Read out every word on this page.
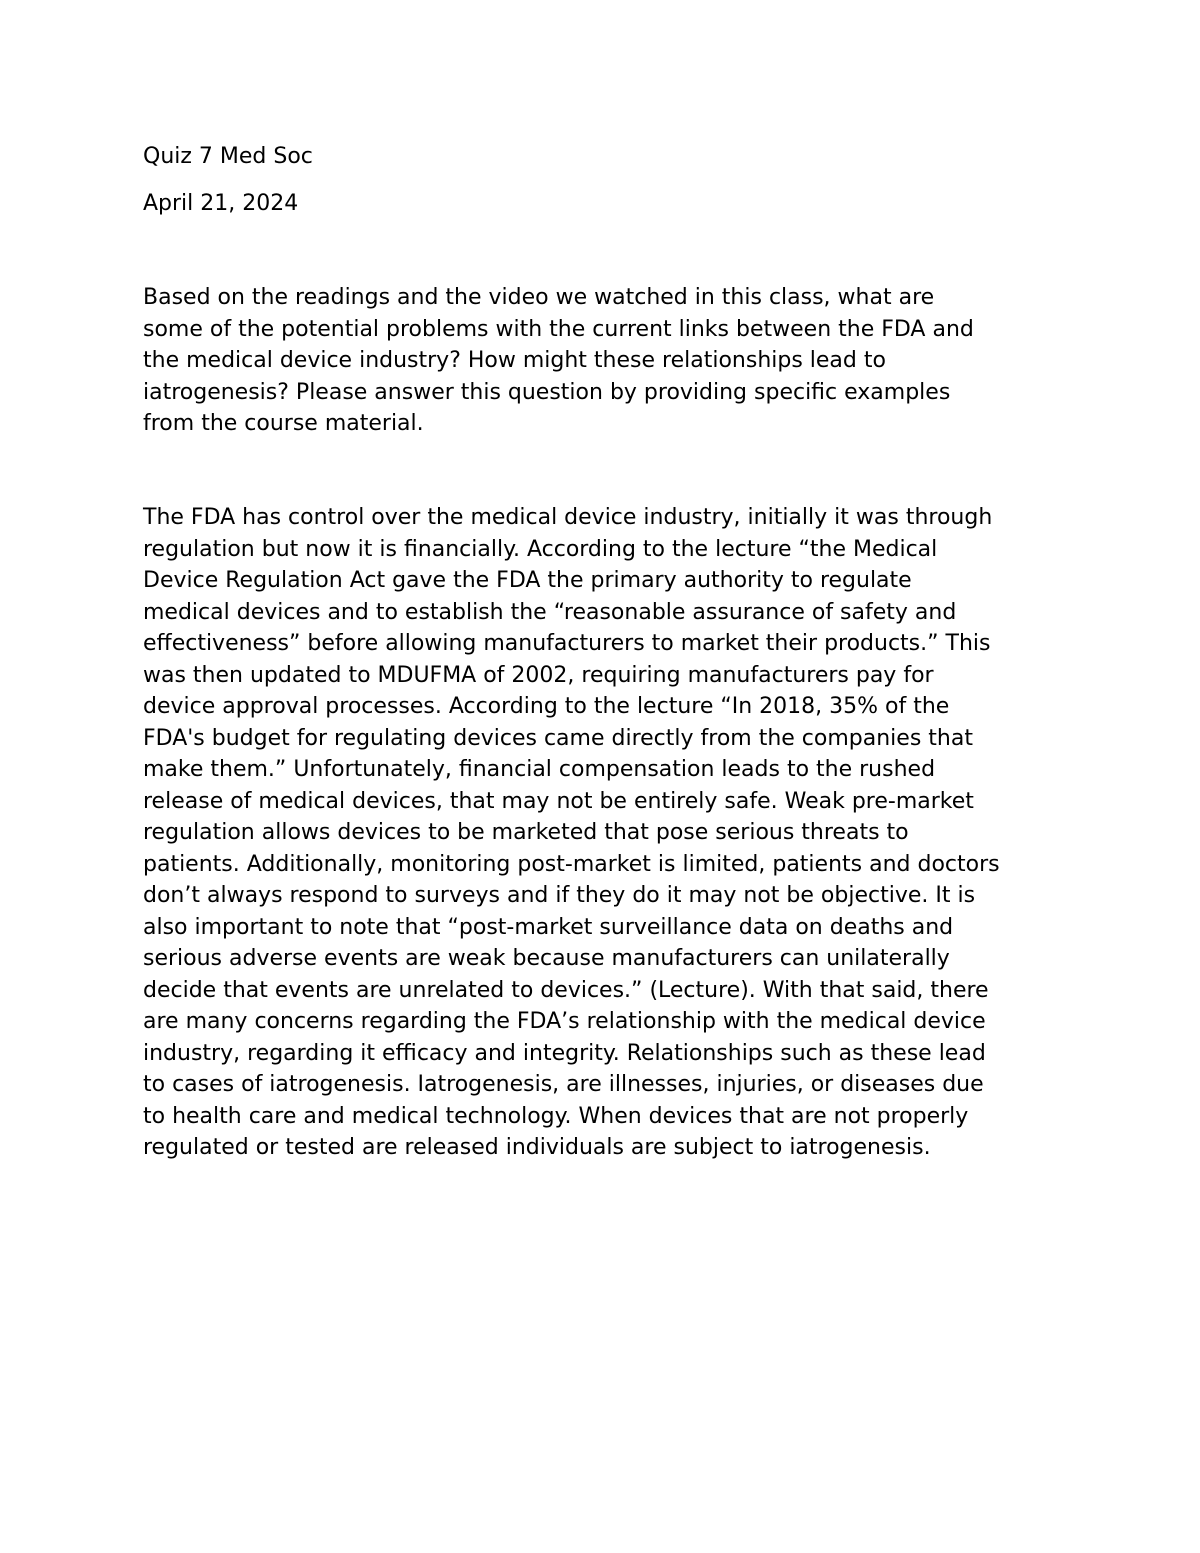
Quiz 7 Med Soc

April 21, 2024

Based on the readings and the video we watched in this class, what are
some of the potential problems with the current links between the FDA and
the medical device industry? How might these relationships lead to
iatrogenesis? Please answer this question by providing specific examples
from the course material.

The FDA has control over the medical device industry, initially it was through
regulation but now it is financially. According to the lecture “the Medical
Device Regulation Act gave the FDA the primary authority to regulate
medical devices and to establish the “reasonable assurance of safety and
effectiveness” before allowing manufacturers to market their products.” This
was then updated to MDUFMA of 2002, requiring manufacturers pay for
device approval processes. According to the lecture “In 2018, 35% of the
FDA's budget for regulating devices came directly from the companies that
make them.” Unfortunately, financial compensation leads to the rushed
release of medical devices, that may not be entirely safe. Weak pre-market
regulation allows devices to be marketed that pose serious threats to
patients. Additionally, monitoring post-market is limited, patients and doctors
don’t always respond to surveys and if they do it may not be objective. It is
also important to note that “post-market surveillance data on deaths and
serious adverse events are weak because manufacturers can unilaterally
decide that events are unrelated to devices.” (Lecture). With that said, there
are many concerns regarding the FDA’s relationship with the medical device
industry, regarding it efficacy and integrity. Relationships such as these lead
to cases of iatrogenesis. Iatrogenesis, are illnesses, injuries, or diseases due
to health care and medical technology. When devices that are not properly
regulated or tested are released individuals are subject to iatrogenesis.
